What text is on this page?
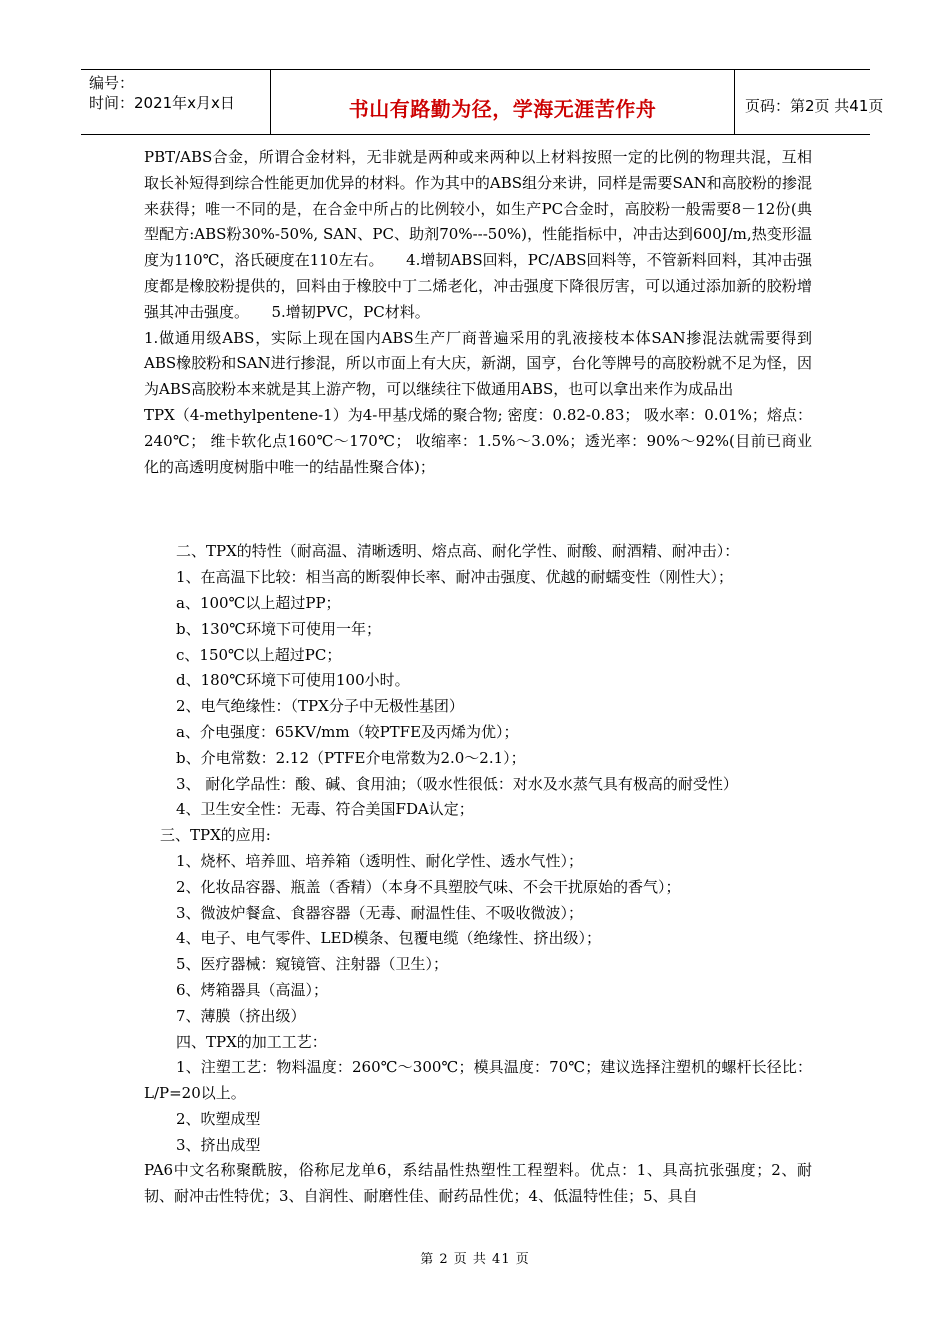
编号：
时间：2021年x月x日	书山有路勤为径，学海无涯苦作舟	页码：第2页 共41页

PBT/ABS合金，所谓合金材料，无非就是两种或来两种以上材料按照一定的比例的物理共混，互相取长补短得到综合性能更加优异的材料。作为其中的ABS组分来讲，同样是需要SAN和高胶粉的掺混来获得；唯一不同的是，在合金中所占的比例较小，如生产PC合金时，高胶粉一般需要8－12份(典型配方:ABS粉30%-50%, SAN、PC、助剂70%---50%)，性能指标中，冲击达到600J/m,热变形温度为110℃，洛氏硬度在110左右。　　4.增韧ABS回料，PC/ABS回料等，不管新料回料，其冲击强度都是橡胶粉提供的，回料由于橡胶中丁二烯老化，冲击强度下降很厉害，可以通过添加新的胶粉增强其冲击强度。　　5.增韧PVC，PC材料。

1.做通用级ABS，实际上现在国内ABS生产厂商普遍采用的乳液接枝本体SAN掺混法就需要得到ABS橡胶粉和SAN进行掺混，所以市面上有大庆，新湖，国亨，台化等牌号的高胶粉就不足为怪，因为ABS高胶粉本来就是其上游产物，可以继续往下做通用ABS，也可以拿出来作为成品出

TPX（4-methylpentene-1）为4-甲基戊烯的聚合物; 密度：0.82-0.83； 吸水率：0.01%；熔点：240℃； 维卡软化点160℃～170℃； 收缩率：1.5%～3.0%；透光率：90%～92%(目前已商业化的高透明度树脂中唯一的结晶性聚合体)；

二、TPX的特性（耐高温、清晰透明、熔点高、耐化学性、耐酸、耐酒精、耐冲击）：

1、在高温下比较：相当高的断裂伸长率、耐冲击强度、优越的耐蠕变性（刚性大）；

a、100℃以上超过PP；

b、130℃环境下可使用一年；

c、150℃以上超过PC；

d、180℃环境下可使用100小时。

2、电气绝缘性：（TPX分子中无极性基团）

a、介电强度：65KV/mm（较PTFE及丙烯为优）；

b、介电常数：2.12（PTFE介电常数为2.0～2.1）；

3、 耐化学品性：酸、碱、食用油；（吸水性很低：对水及水蒸气具有极高的耐受性）

4、卫生安全性：无毒、符合美国FDA认定；

三、TPX的应用:

1、烧杯、培养皿、培养箱（透明性、耐化学性、透水气性）；

2、化妆品容器、瓶盖（香精）（本身不具塑胶气味、不会干扰原始的香气）；

3、微波炉餐盒、食器容器（无毒、耐温性佳、不吸收微波）；

4、电子、电气零件、LED模条、包覆电缆（绝缘性、挤出级）；

5、医疗器械：窥镜管、注射器（卫生）；

6、烤箱器具（高温）；

7、薄膜（挤出级）

四、TPX的加工工艺：

1、注塑工艺：物料温度：260℃～300℃；模具温度：70℃；建议选择注塑机的螺杆长径比：L/P=20以上。

2、吹塑成型

3、挤出成型

PA6中文名称聚酰胺，俗称尼龙单6，系结晶性热塑性工程塑料。优点：1、具高抗张强度；2、耐韧、耐冲击性特优；3、自润性、耐磨性佳、耐药品性优；4、低温特性佳；5、具自

第 2 页 共 41 页
